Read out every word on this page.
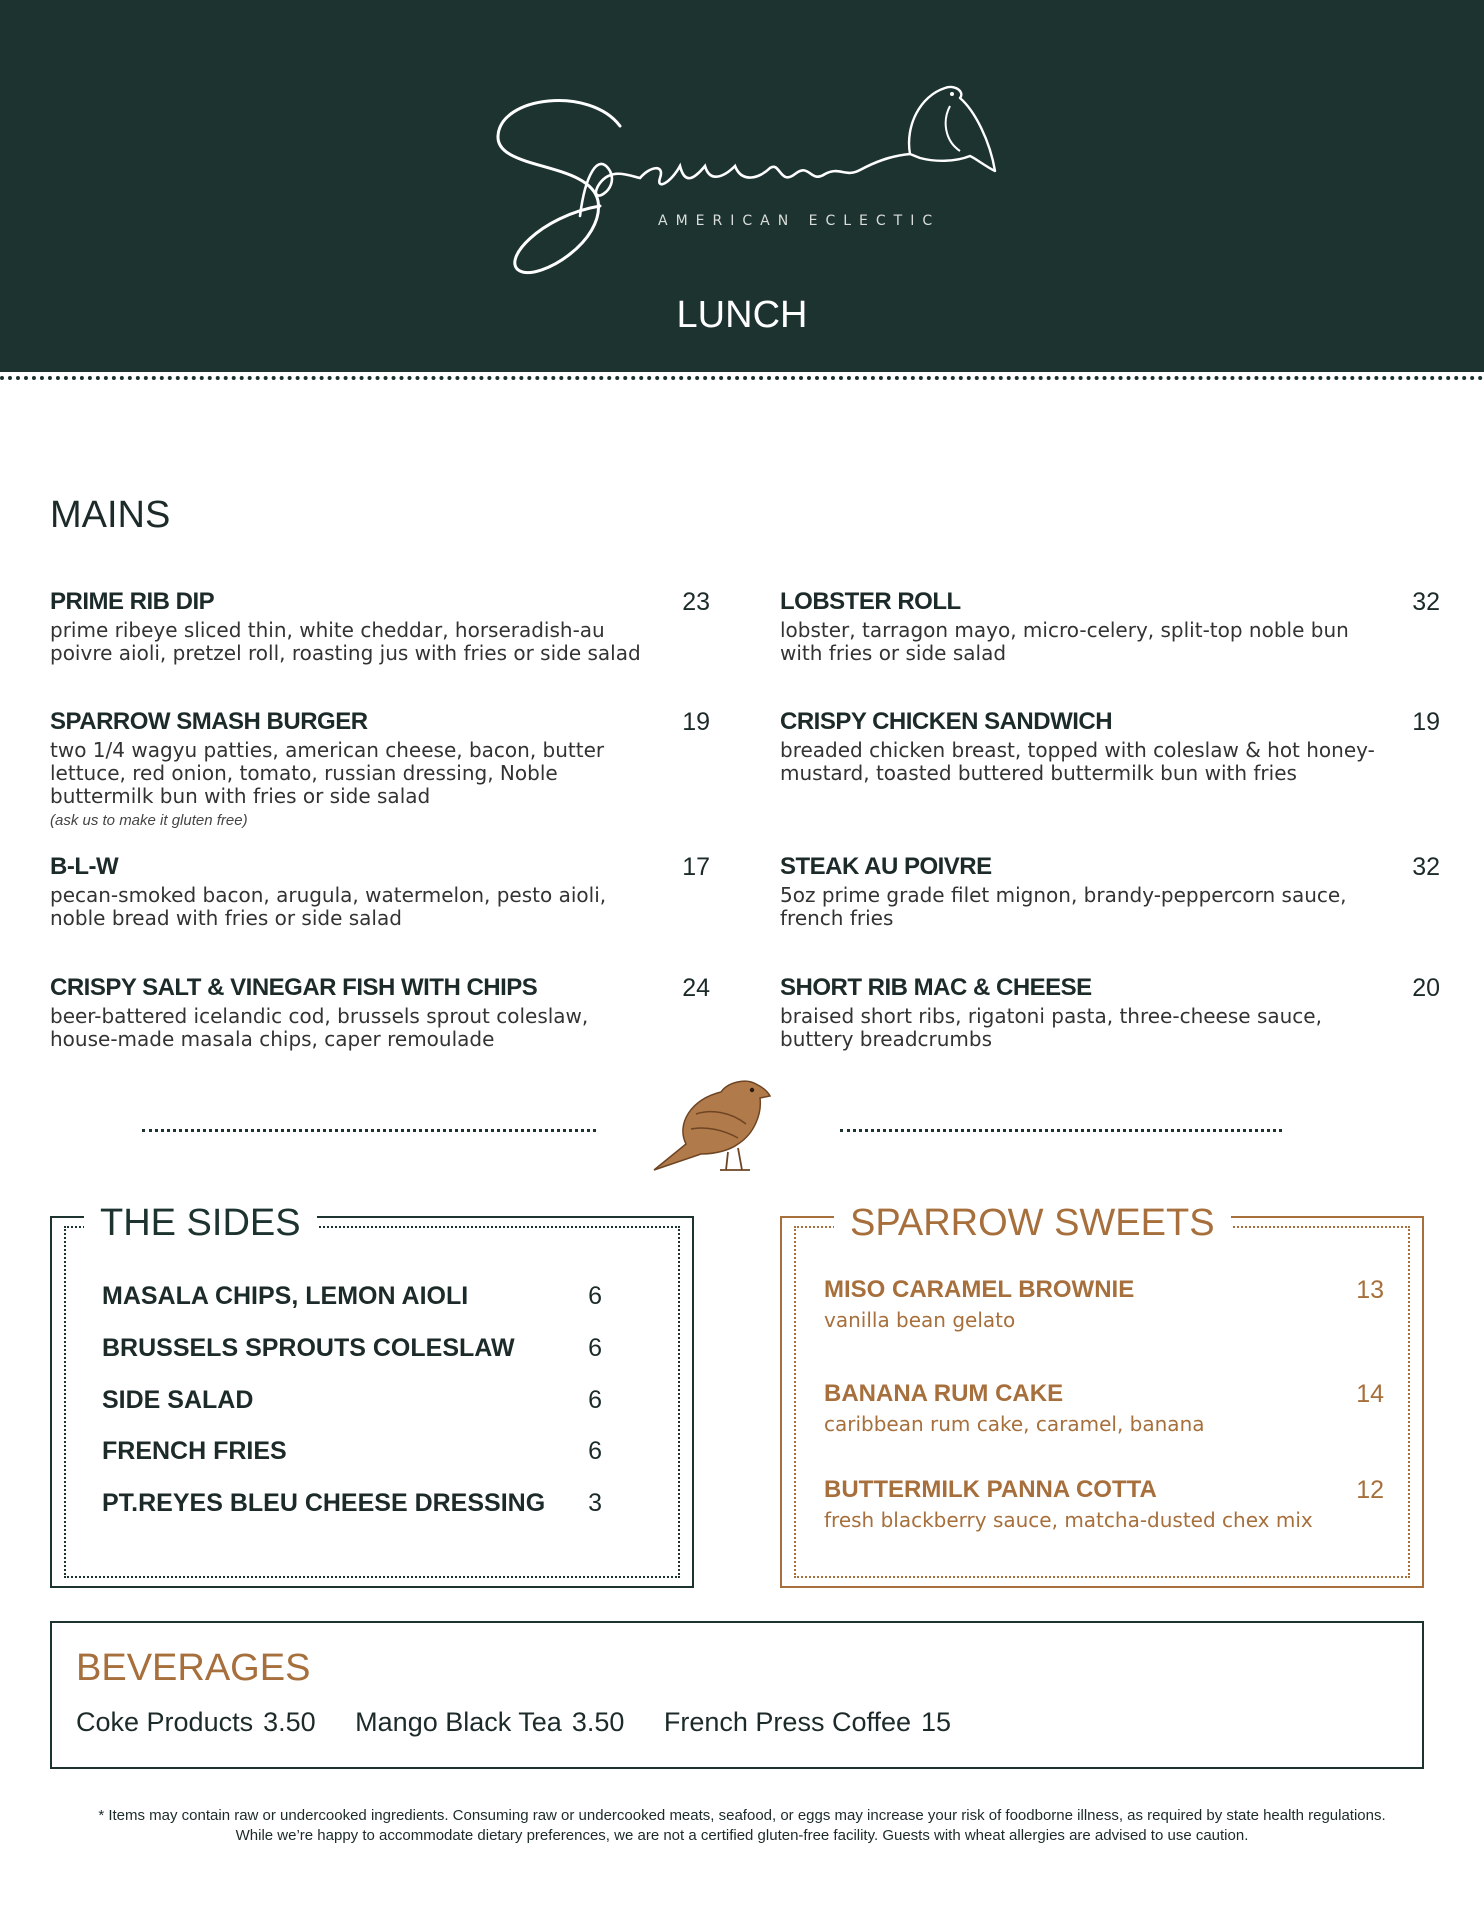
AMERICAN ECLECTIC
LUNCH
MAINS
PRIME RIB DIP	23
prime ribeye sliced thin, white cheddar, horseradish-au poivre aioli, pretzel roll, roasting jus with fries or side salad
SPARROW SMASH BURGER	19
two 1/4 wagyu patties, american cheese, bacon, butter lettuce, red onion, tomato, russian dressing, Noble buttermilk bun with fries or side salad
(ask us to make it gluten free)
B-L-W	17
pecan-smoked bacon, arugula, watermelon, pesto aioli, noble bread with fries or side salad
CRISPY SALT & VINEGAR FISH WITH CHIPS	24
beer-battered icelandic cod, brussels sprout coleslaw, house-made masala chips, caper remoulade
LOBSTER ROLL	32
lobster, tarragon mayo, micro-celery, split-top noble bun with fries or side salad
CRISPY CHICKEN SANDWICH	19
breaded chicken breast, topped with coleslaw & hot honey-mustard, toasted buttered buttermilk bun with fries
STEAK AU POIVRE	32
5oz prime grade filet mignon, brandy-peppercorn sauce, french fries
SHORT RIB MAC & CHEESE	20
braised short ribs, rigatoni pasta, three-cheese sauce, buttery breadcrumbs
THE SIDES
MASALA CHIPS, LEMON AIOLI	6
BRUSSELS SPROUTS COLESLAW	6
SIDE SALAD	6
FRENCH FRIES	6
PT.REYES BLEU CHEESE DRESSING 3
SPARROW SWEETS
MISO CARAMEL BROWNIE	13
vanilla bean gelato
BANANA RUM CAKE	14
caribbean rum cake, caramel, banana
BUTTERMILK PANNA COTTA	12
fresh blackberry sauce, matcha-dusted chex mix
BEVERAGES
Coke Products 3.50 Mango Black Tea 3.50 French Press Coffee 15
* Items may contain raw or undercooked ingredients. Consuming raw or undercooked meats, seafood, or eggs may increase your risk of foodborne illness, as required by state health regulations.
While we’re happy to accommodate dietary preferences, we are not a certified gluten-free facility. Guests with wheat allergies are advised to use caution.
